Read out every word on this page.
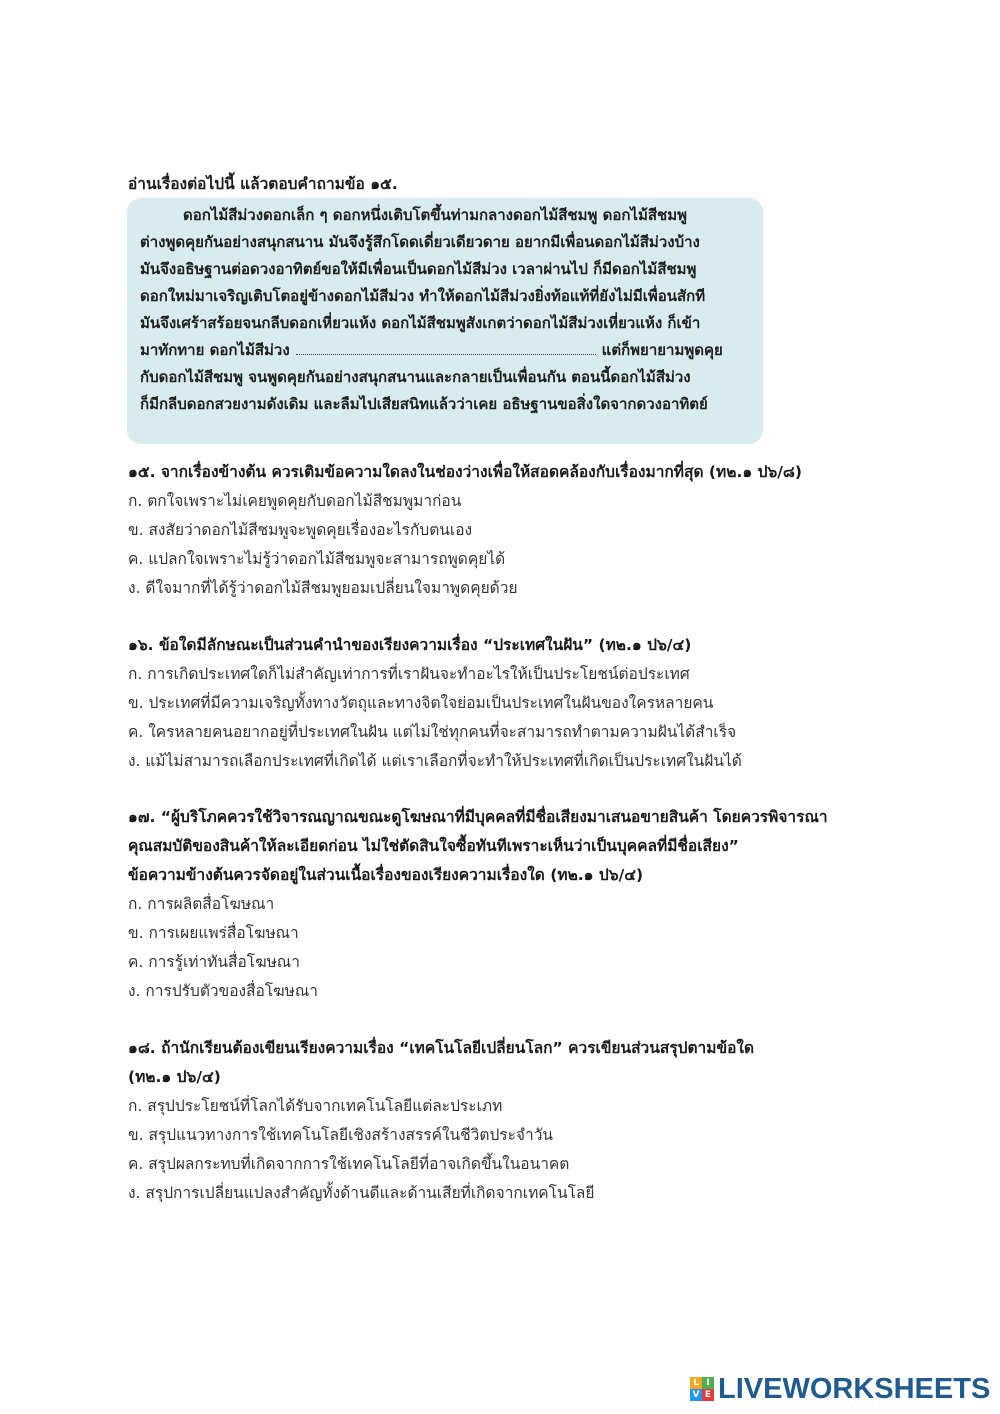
อ่านเรื่องต่อไปนี้ แล้วตอบคำถามข้อ ๑๕.
ดอกไม้สีม่วงดอกเล็ก ๆ ดอกหนึ่งเติบโตขึ้นท่ามกลางดอกไม้สีชมพู ดอกไม้สีชมพู
ต่างพูดคุยกันอย่างสนุกสนาน มันจึงรู้สึกโดดเดี่ยวเดียวดาย อยากมีเพื่อนดอกไม้สีม่วงบ้าง
มันจึงอธิษฐานต่อดวงอาทิตย์ขอให้มีเพื่อนเป็นดอกไม้สีม่วง เวลาผ่านไป ก็มีดอกไม้สีชมพู
ดอกใหม่มาเจริญเติบโตอยู่ข้างดอกไม้สีม่วง ทำให้ดอกไม้สีม่วงยิ่งท้อแท้ที่ยังไม่มีเพื่อนสักที
มันจึงเศร้าสร้อยจนกลีบดอกเหี่ยวแห้ง ดอกไม้สีชมพูสังเกตว่าดอกไม้สีม่วงเหี่ยวแห้ง ก็เข้า
มาทักทาย ดอกไม้สีม่วง	แต่ก็พยายามพูดคุย
กับดอกไม้สีชมพู จนพูดคุยกันอย่างสนุกสนานและกลายเป็นเพื่อนกัน ตอนนี้ดอกไม้สีม่วง
ก็มีกลีบดอกสวยงามดังเดิม และลืมไปเสียสนิทแล้วว่าเคย อธิษฐานขอสิ่งใดจากดวงอาทิตย์
๑๕. จากเรื่องข้างต้น ควรเติมข้อความใดลงในช่องว่างเพื่อให้สอดคล้องกับเรื่องมากที่สุด (ท๒.๑ ป๖/๘)
ก. ตกใจเพราะไม่เคยพูดคุยกับดอกไม้สีชมพูมาก่อน
ข. สงสัยว่าดอกไม้สีชมพูจะพูดคุยเรื่องอะไรกับตนเอง
ค. แปลกใจเพราะไม่รู้ว่าดอกไม้สีชมพูจะสามารถพูดคุยได้
ง. ดีใจมากที่ได้รู้ว่าดอกไม้สีชมพูยอมเปลี่ยนใจมาพูดคุยด้วย
๑๖. ข้อใดมีลักษณะเป็นส่วนคำนำของเรียงความเรื่อง “ประเทศในฝัน” (ท๒.๑ ป๖/๔)
ก. การเกิดประเทศใดก็ไม่สำคัญเท่าการที่เราฝันจะทำอะไรให้เป็นประโยชน์ต่อประเทศ
ข. ประเทศที่มีความเจริญทั้งทางวัตถุและทางจิตใจย่อมเป็นประเทศในฝันของใครหลายคน
ค. ใครหลายคนอยากอยู่ที่ประเทศในฝัน แต่ไม่ใช่ทุกคนที่จะสามารถทำตามความฝันได้สำเร็จ
ง. แม้ไม่สามารถเลือกประเทศที่เกิดได้ แต่เราเลือกที่จะทำให้ประเทศที่เกิดเป็นประเทศในฝันได้
๑๗. “ผู้บริโภคควรใช้วิจารณญาณขณะดูโฆษณาที่มีบุคคลที่มีชื่อเสียงมาเสนอขายสินค้า โดยควรพิจารณา
คุณสมบัติของสินค้าให้ละเอียดก่อน ไม่ใช่ตัดสินใจซื้อทันทีเพราะเห็นว่าเป็นบุคคลที่มีชื่อเสียง”
ข้อความข้างต้นควรจัดอยู่ในส่วนเนื้อเรื่องของเรียงความเรื่องใด (ท๒.๑ ป๖/๔)
ก. การผลิตสื่อโฆษณา
ข. การเผยแพร่สื่อโฆษณา
ค. การรู้เท่าทันสื่อโฆษณา
ง. การปรับตัวของสื่อโฆษณา
๑๘. ถ้านักเรียนต้องเขียนเรียงความเรื่อง “เทคโนโลยีเปลี่ยนโลก” ควรเขียนส่วนสรุปตามข้อใด
(ท๒.๑ ป๖/๔)
ก. สรุปประโยชน์ที่โลกได้รับจากเทคโนโลยีแต่ละประเภท
ข. สรุปแนวทางการใช้เทคโนโลยีเชิงสร้างสรรค์ในชีวิตประจำวัน
ค. สรุปผลกระทบที่เกิดจากการใช้เทคโนโลยีที่อาจเกิดขึ้นในอนาคต
ง. สรุปการเปลี่ยนแปลงสำคัญทั้งด้านดีและด้านเสียที่เกิดจากเทคโนโลยี
L I
V E LIVEWORKSHEETS
